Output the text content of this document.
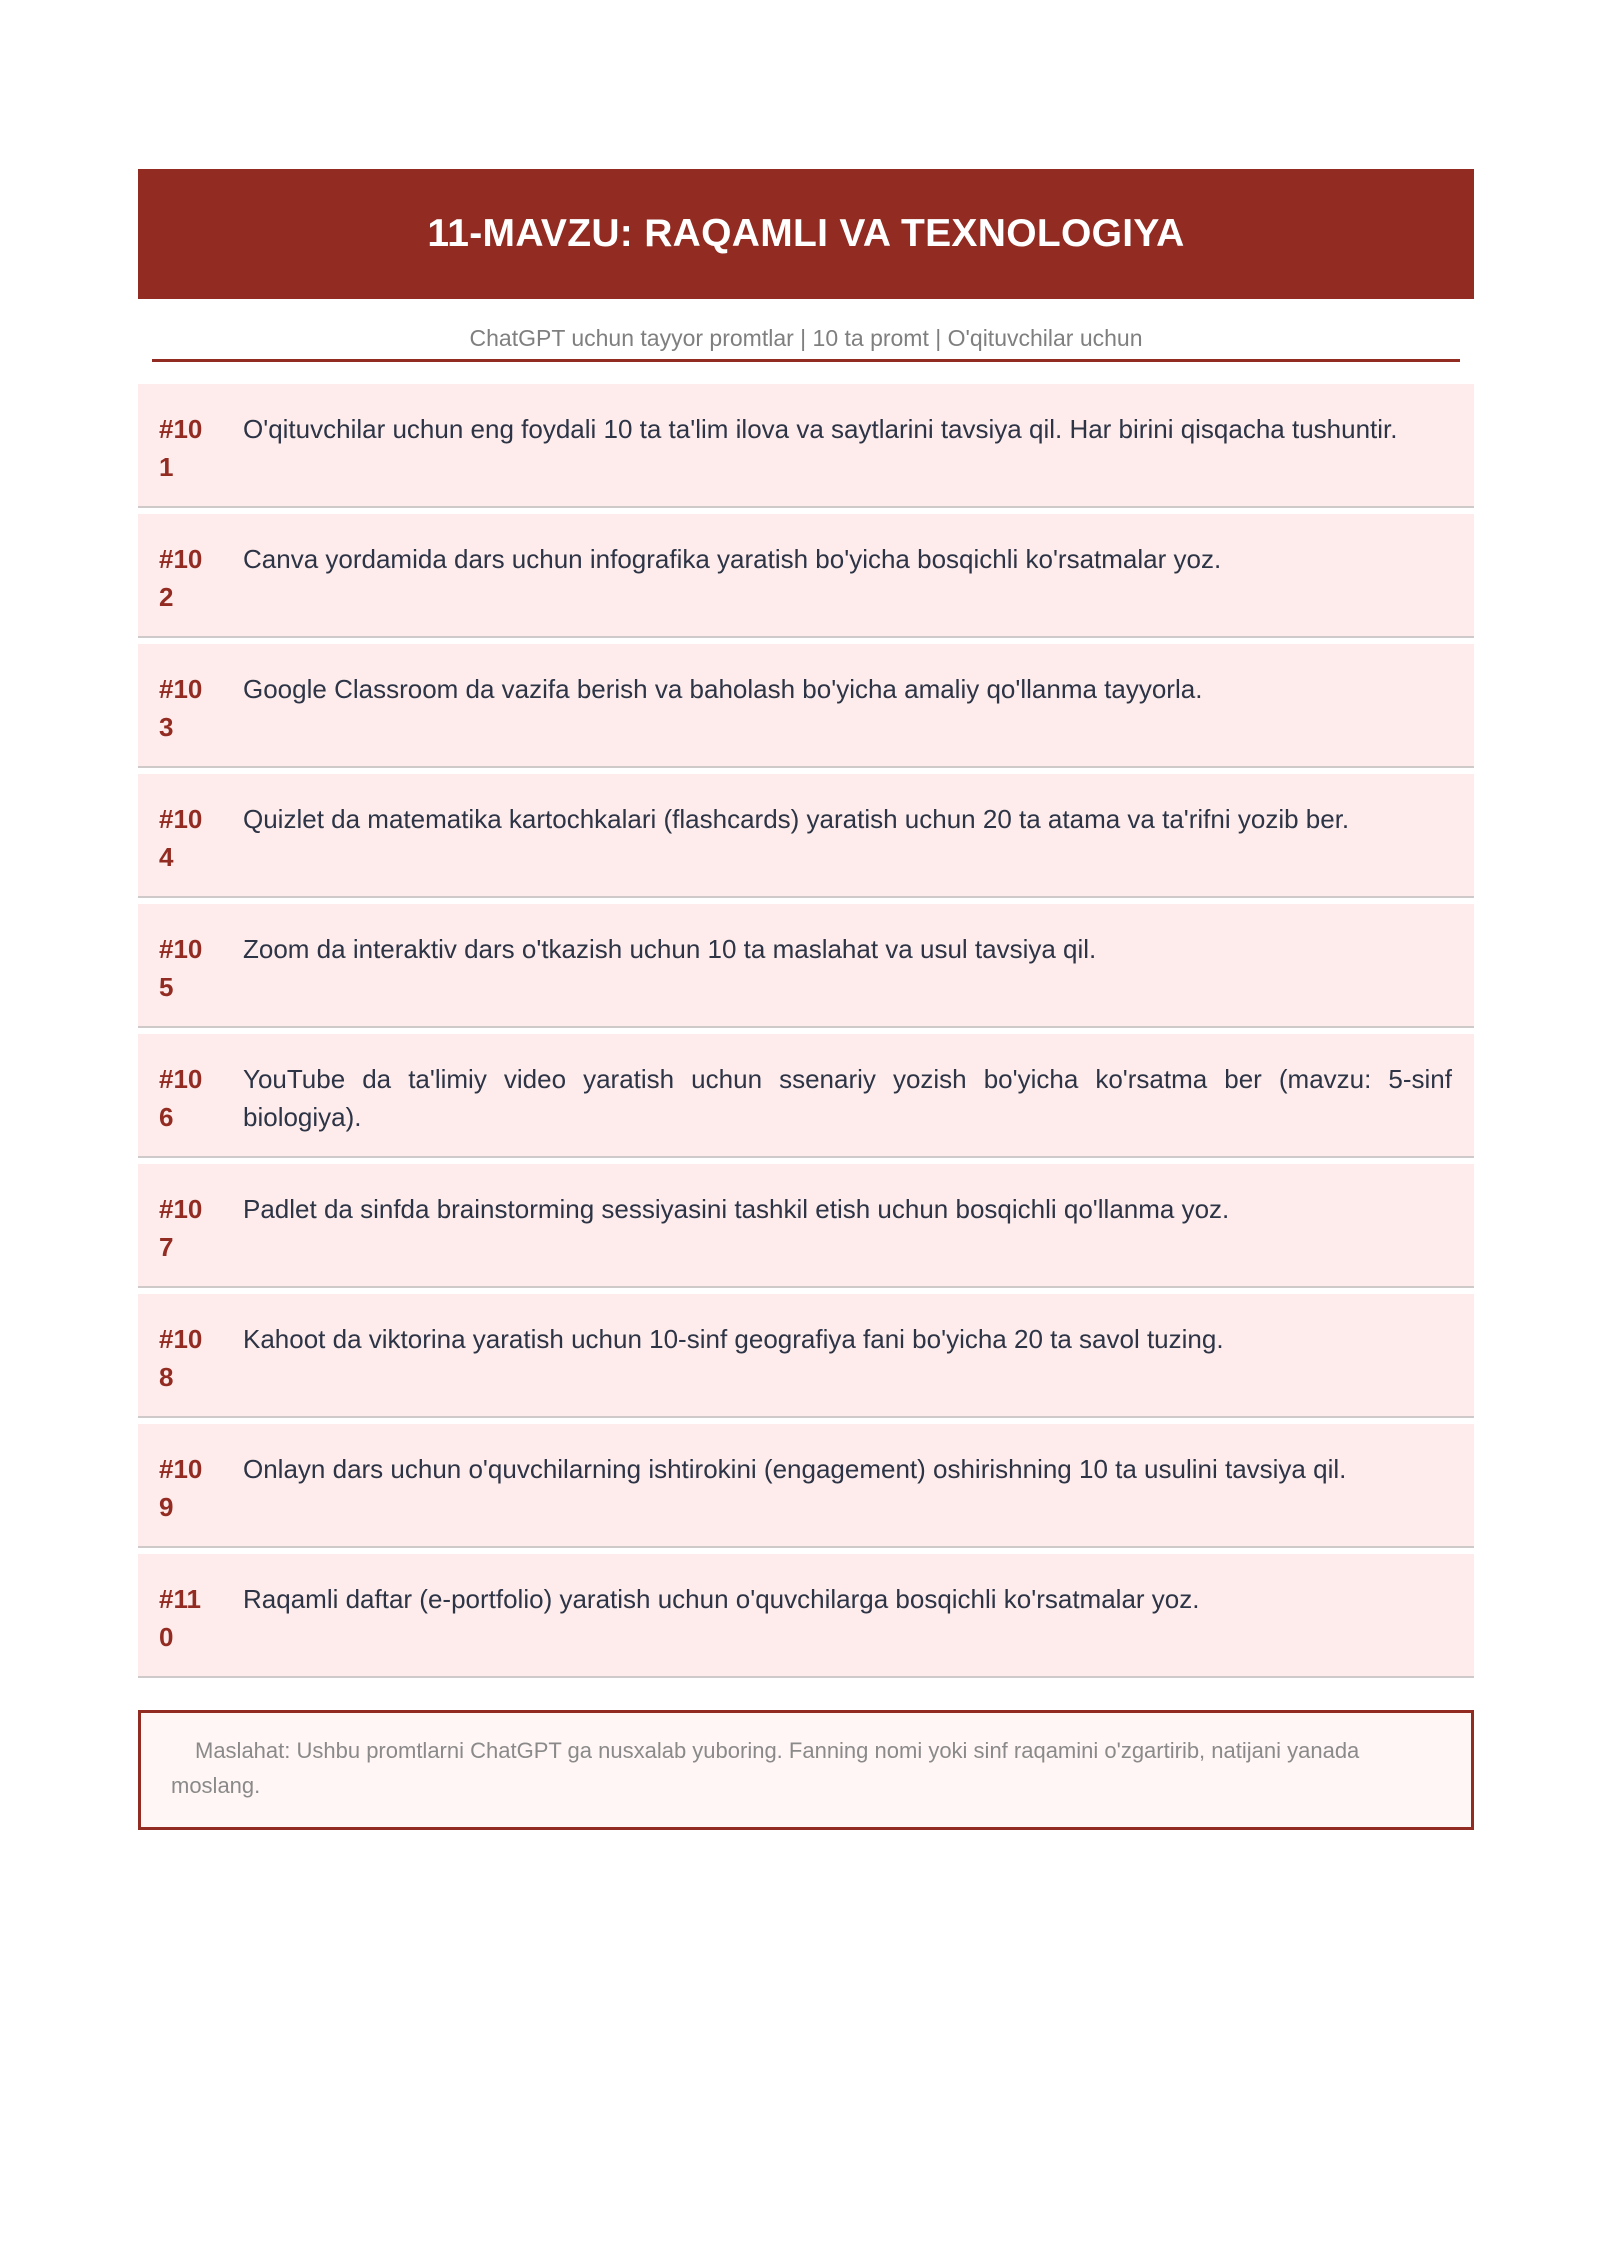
11-MAVZU: RAQAMLI VA TEXNOLOGIYA
ChatGPT uchun tayyor promtlar | 10 ta promt | O'qituvchilar uchun
#101
O'qituvchilar uchun eng foydali 10 ta ta'lim ilova va saytlarini tavsiya qil. Har birini qisqacha tushuntir.
#102
Canva yordamida dars uchun infografika yaratish bo'yicha bosqichli ko'rsatmalar yoz.
#103
Google Classroom da vazifa berish va baholash bo'yicha amaliy qo'llanma tayyorla.
#104
Quizlet da matematika kartochkalari (flashcards) yaratish uchun 20 ta atama va ta'rifni yozib ber.
#105
Zoom da interaktiv dars o'tkazish uchun 10 ta maslahat va usul tavsiya qil.
#106
YouTube da ta'limiy video yaratish uchun ssenariy yozish bo'yicha ko'rsatma ber (mavzu: 5-sinf biologiya).
#107
Padlet da sinfda brainstorming sessiyasini tashkil etish uchun bosqichli qo'llanma yoz.
#108
Kahoot da viktorina yaratish uchun 10-sinf geografiya fani bo'yicha 20 ta savol tuzing.
#109
Onlayn dars uchun o'quvchilarning ishtirokini (engagement) oshirishning 10 ta usulini tavsiya qil.
#110
Raqamli daftar (e-portfolio) yaratish uchun o'quvchilarga bosqichli ko'rsatmalar yoz.
Maslahat: Ushbu promtlarni ChatGPT ga nusxalab yuboring. Fanning nomi yoki sinf raqamini o'zgartirib, natijani yanada moslang.
